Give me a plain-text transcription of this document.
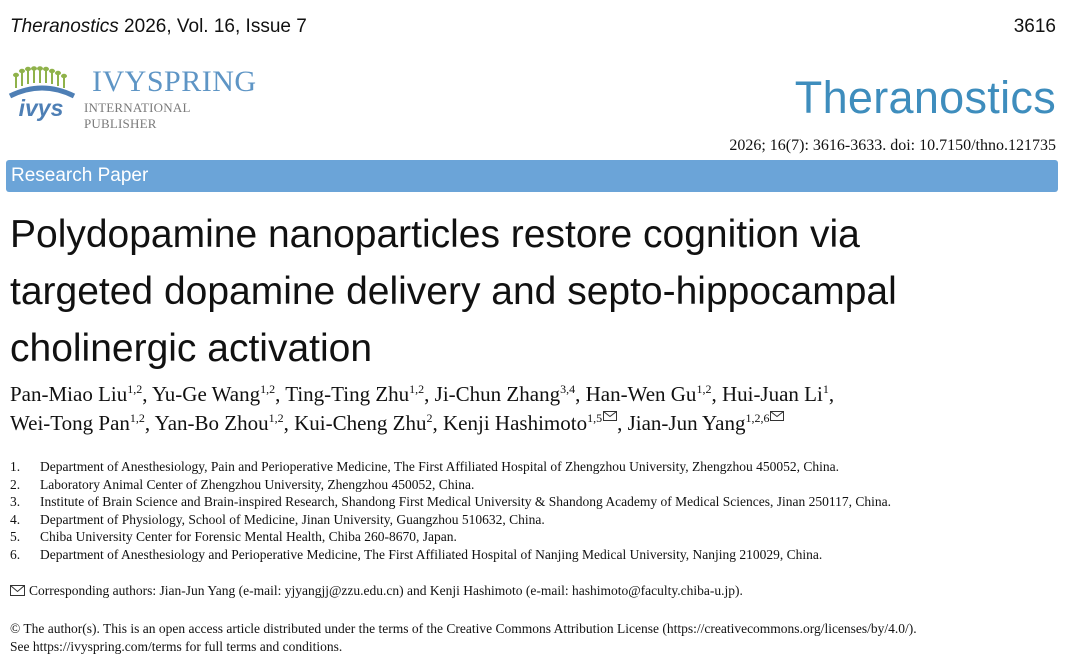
Theranostics 2026, Vol. 16, Issue 7	3616
ivys
IVYSPRING
INTERNATIONAL PUBLISHER
Theranostics
2026; 16(7): 3616-3633. doi: 10.7150/thno.121735
Research Paper
Polydopamine nanoparticles restore cognition via
targeted dopamine delivery and septo-hippocampal
cholinergic activation
Pan-Miao Liu$^{1,2}$, Yu-Ge Wang$^{1,2}$, Ting-Ting Zhu$^{1,2}$, Ji-Chun Zhang$^{3,4}$, Han-Wen Gu$^{1,2}$, Hui-Juan Li$^1$,
Wei-Tong Pan$^{1,2}$, Yan-Bo Zhou$^{1,2}$, Kui-Cheng Zhu$^2$, Kenji Hashimoto$^{1,5}$ , Jian-Jun Yang$^{1,2,6}$
1. Department of Anesthesiology, Pain and Perioperative Medicine, The First Affiliated Hospital of Zhengzhou University, Zhengzhou 450052, China.
2. Laboratory Animal Center of Zhengzhou University, Zhengzhou 450052, China.
3. Institute of Brain Science and Brain-inspired Research, Shandong First Medical University & Shandong Academy of Medical Sciences, Jinan 250117, China.
4. Department of Physiology, School of Medicine, Jinan University, Guangzhou 510632, China.
5. Chiba University Center for Forensic Mental Health, Chiba 260-8670, Japan.
6. Department of Anesthesiology and Perioperative Medicine, The First Affiliated Hospital of Nanjing Medical University, Nanjing 210029, China.
Corresponding authors: Jian-Jun Yang (e-mail: yjyangjj@zzu.edu.cn) and Kenji Hashimoto (e-mail: hashimoto@faculty.chiba-u.jp).
© The author(s). This is an open access article distributed under the terms of the Creative Commons Attribution License (https://creativecommons.org/licenses/by/4.0/).
See https://ivyspring.com/terms for full terms and conditions.
